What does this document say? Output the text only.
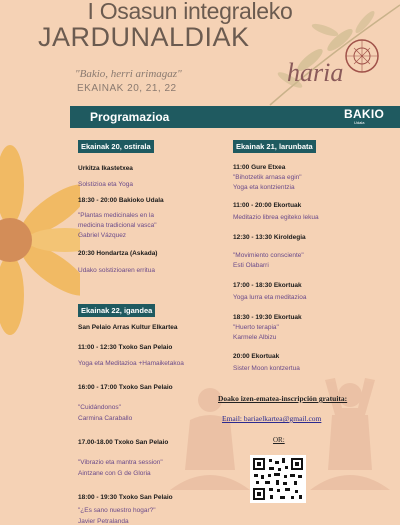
I Osasun integraleko
JARDUNALDIAK
"Bakio, herri arimagaz"
EKAINAK 20, 21, 22
haria
Programazioa	BAKIO
Udala
Ekainak 20, ostirala
Urkitza Ikastetxea
Solstizioa eta Yoga
18:30 - 20:00 Bakioko Udala
"Plantas medicinales en la
medicina tradicional vasca"
Gabriel Vázquez
20:30 Hondartza (Askada)
Udako solstizioaren erritua
Ekainak 22, igandea
San Pelaio Arras Kultur Elkartea
11:00 - 12:30 Txoko San Pelaio
Yoga eta Meditazioa +Hamaiketakoa
16:00 - 17:00 Txoko San Pelaio
"Cuidándonos"
Carmina Caraballo
17.00-18.00 Txoko San Pelaio
"Vibrazio eta mantra session"
Aintzane con G de Gloria
18:00 - 19:30 Txoko San Pelaio
"¿Es sano nuestro hogar?"
Javier Petralanda
Ekainak 21, larunbata
11:00 Gure Etxea
"Bihotzetik arnasa egin"
Yoga eta kontzientzia
11:00 - 20:00 Ekortuak
Meditazio libreа egiteko lekua
12:30 - 13:30 Kiroldegia
"Movimiento consciente"
Esti Olabarri
17:00 - 18:30 Ekortuak
Yoga lurra eta meditazioa
18:30 - 19:30 Ekortuak
"Huerto terapia"
Karmele Albizu
20:00 Ekortuak
Sister Moon kontzertua
Doako izen-ematea-inscripción gratuita:
Email: bariaelkartea@gmail.com
OR:
